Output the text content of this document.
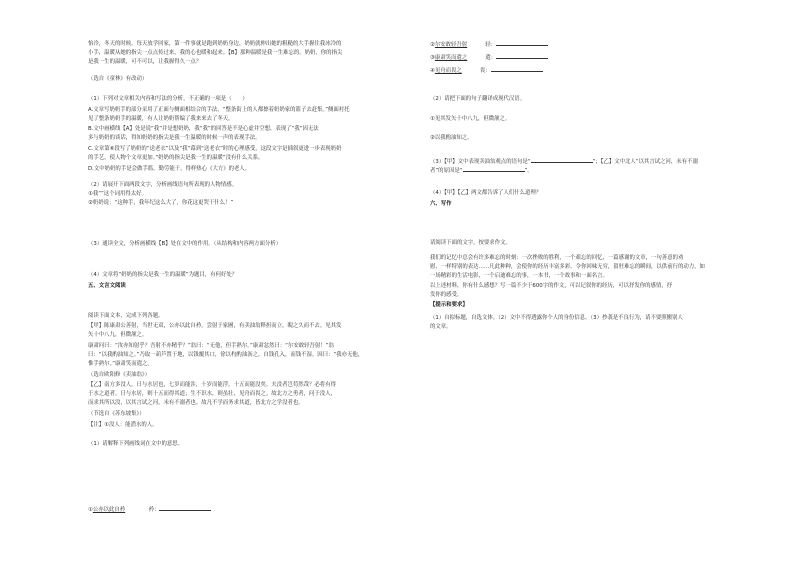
怡冷，冬天的时候。每天放学回家，第一件事就是跑到奶奶身边，奶奶就伸出她的粗糙的大手握住我冰冷的
小手，温暖从她的指尖一点点传过来，我的心也暖和起来。【B】那种温暖是我一生难忘的。奶奶，你的指尖
是我一生的温暖，可不可以，让我握得久一点？
（选自《童林》有改动）
（1）下列对文章相关内容和写法的分析，不正确的一项是（　　）
A.文章写奶奶手的部分采用了正面与侧面相结合的手法，“整条街上的人都擦着奶奶家的篮子去赶集。”侧面衬托
见了整条奶奶手的温暖，有人让奶奶帮编了我来来去了冬天。
B.文中画横线【A】处是说“我”并是想奶奶，我“我”的回答是不是心虚并空想，表现了“我”因无法
多与奶奶的谈话，得知奶奶的指尖是我一生温暖的时候一声的表现手法。
C.文章第⑥段写了奶奶的“送老衣”以及“我”幕到“送老衣”时的心理感受，这段文字是插叙更进一步表现奶奶
的手艺，使人物个文章更加。”奶奶的指尖是我一生的温暖”没有什么关系。
D.文中奶奶的手是会做手篮。勤劳能干，得样热心《大方》的老人。
（2）请展开下面两段文字，分析画线语句所表现的人物情感。
①我“”这个词用得太好。
②奶奶说：“这种手，我年纪这么大了，你花这更哭干什么！”
（3）通读全文，分析画横线【B】处在文中的作用。（从结构和内容两方面分析）
（4）文章将“奶奶的指尖是我一生的温暖”为题目，有何好处？
五、文言文阅读
阅读下面文本，完成下列各题。
【甲】陈康肃公善射，当世无双，公亦以此自矜。尝射于家圃，有卖油翁释担而立，睨之久而不去。见其发
矢十中八九，但微颔之。
康肃问曰：“汝亦知射乎？吾射不亦精乎？”翁曰：“无他，但手熟尔。”康肃忿然曰：“尔安敢轻吾射！”翁
曰：“以我酌油知之。”乃取一葫芦置于地，以钱覆其口，徐以杓酌油沥之，自钱孔入，而钱不湿。因曰：“我亦无他，
惟手熟尔。”康肃笑而遣之。
（选自欧阳修《卖油翁》）
【乙】南方多没人，日与水居也，七岁而能涉，十岁而能浮，十五而能没矣。夫没者岂苟然哉？必将有得
于水之道者。日与水居，则十五而得其道；生不识水，则虽壮，见舟而畏之。故北方之勇者，问于没人，
而求其所以没，以其言试之河，未有不溺者也。故凡不学而务求其道，皆北方之学没者也。
（节选自《苏东坡集》）
【注】①没人：能潜水的人。
（1）请解释下列画线词在文中的意思。
①公亦以此自矜	矜：
②尔安敢轻吾射	轻：
③康肃笑而遣之	遣：
④见舟而畏之	畏：
（2）请把下面的句子翻译成现代汉语。
①见其发矢十中八九，但微颔之。
②以我酌油知之。
（4）【甲】【乙】两文都告诉了人们什么道理？
六、写作
请阅读下面的文字，按要求作文。
我们的记忆中总会有许多难忘的时刻：一次挫败的胜利，一个艰忘的回忆，一篇感谢的文章，一句善意的劝
慰，一样特别的表达……凡此种种，会使你的经历丰富多彩，令你回味无穷，留驻难忘的瞬间，以供前行的动力，如
一场精彩的生活电影，一个启迪难忘的事，一本书，一个故事和一面名言。
以上述材料，你有什么感想？写一篇不少于600字的作文，可以记叙你的经历，可以抒发你的感情，抒
发你的感受。
【提示和要求】
（1）自拟标题，自选文体。（2）文中不得透露你个人的身份信息。（3）抄袭是不良行为，请不要照搬别人
的文章。
（3）【甲】文中表现卖油翁观点的语句是“	”；【乙】文中北人“以其言试之河，未有不溺
者”的原因是“	”。
